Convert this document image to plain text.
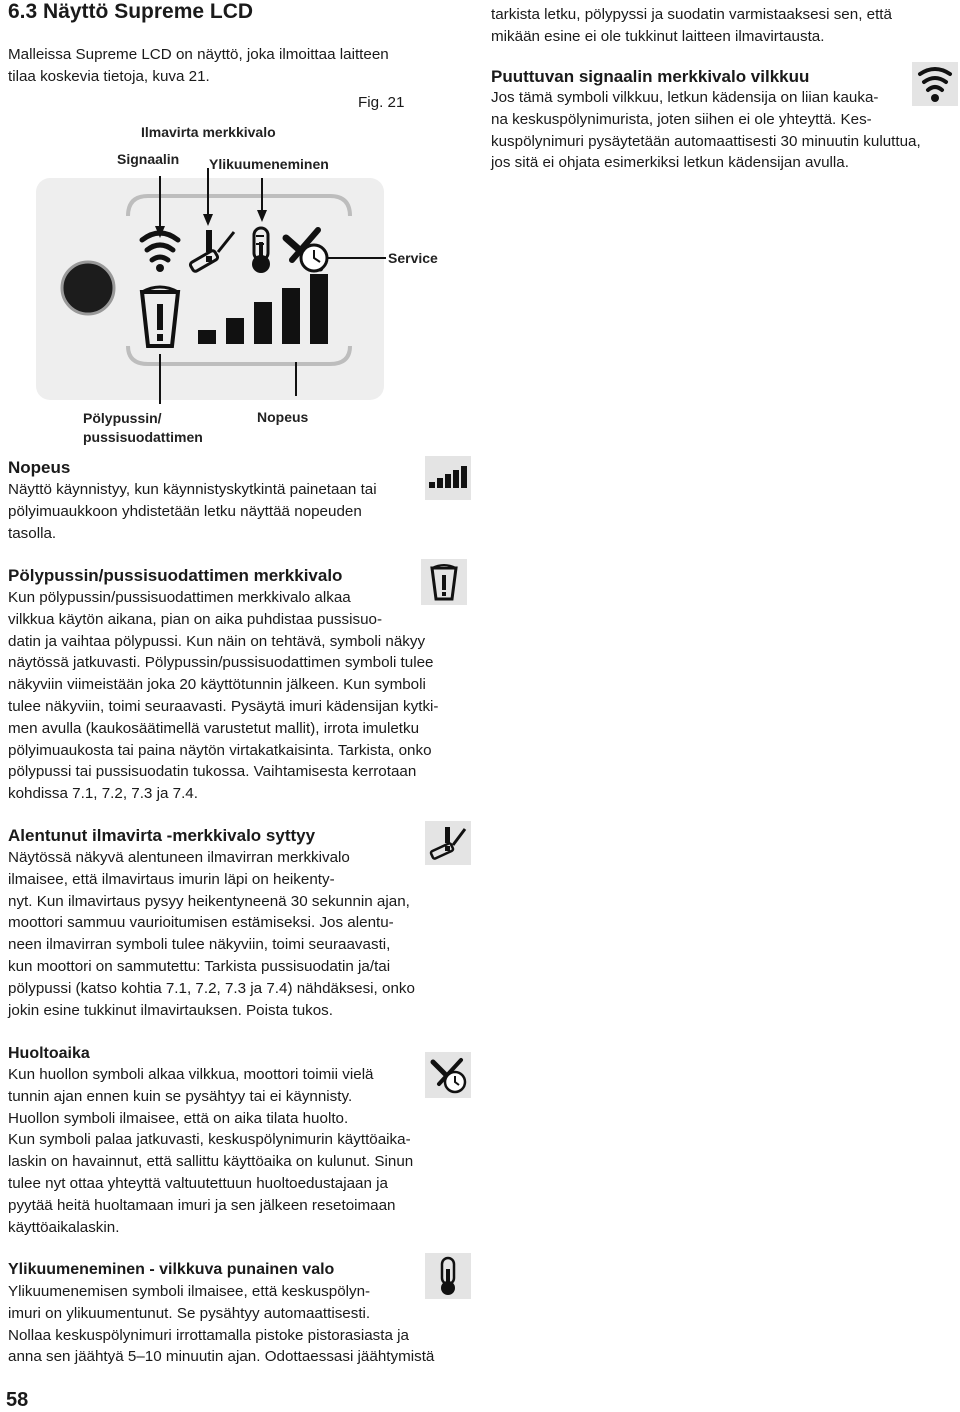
6.3 Näyttö Supreme LCD
Malleissa Supreme LCD on näyttö, joka ilmoittaa laitteen
tilaa koskevia tietoja, kuva 21.
Fig. 21
Ilmavirta merkkivalo
Signaalin Ylikuumeneminen
Service
Pölypussin/
pussisuodattimen
Nopeus
tarkista letku, pölypyssi ja suodatin varmistaaksesi sen, että
mikään esine ei ole tukkinut laitteen ilmavirtausta.
Puuttuvan signaalin merkkivalo vilkkuu
Jos tämä symboli vilkkuu, letkun kädensija on liian kauka-
na keskuspölynimurista, joten siihen ei ole yhteyttä. Kes-
kuspölynimuri pysäytetään automaattisesti 30 minuutin kuluttua,
jos sitä ei ohjata esimerkiksi letkun kädensijan avulla.
Nopeus
Näyttö käynnistyy, kun käynnistyskytkintä painetaan tai
pölyimuaukkoon yhdistetään letku näyttää nopeuden
tasolla.
Pölypussin/pussisuodattimen merkkivalo
Kun pölypussin/pussisuodattimen merkkivalo alkaa
vilkkua käytön aikana, pian on aika puhdistaa pussisuo-
datin ja vaihtaa pölypussi. Kun näin on tehtävä, symboli näkyy
näytössä jatkuvasti. Pölypussin/pussisuodattimen symboli tulee
näkyviin viimeistään joka 20 käyttötunnin jälkeen. Kun symboli
tulee näkyviin, toimi seuraavasti. Pysäytä imuri kädensijan kytki-
men avulla (kaukosäätimellä varustetut mallit), irrota imuletku
pölyimuaukosta tai paina näytön virtakatkaisinta. Tarkista, onko
pölypussi tai pussisuodatin tukossa. Vaihtamisesta kerrotaan
kohdissa 7.1, 7.2, 7.3 ja 7.4.
Alentunut ilmavirta -merkkivalo syttyy
Näytössä näkyvä alentuneen ilmavirran merkkivalo
ilmaisee, että ilmavirtaus imurin läpi on heikenty-
nyt. Kun ilmavirtaus pysyy heikentyneenä 30 sekunnin ajan,
moottori sammuu vaurioitumisen estämiseksi. Jos alentu-
neen ilmavirran symboli tulee näkyviin, toimi seuraavasti,
kun moottori on sammutettu: Tarkista pussisuodatin ja/tai
pölypussi (katso kohtia 7.1, 7.2, 7.3 ja 7.4) nähdäksesi, onko
jokin esine tukkinut ilmavirtauksen. Poista tukos.
Huoltoaika
Kun huollon symboli alkaa vilkkua, moottori toimii vielä
tunnin ajan ennen kuin se pysähtyy tai ei käynnisty.
Huollon symboli ilmaisee, että on aika tilata huolto.
Kun symboli palaa jatkuvasti, keskuspölynimurin käyttöaika-
laskin on havainnut, että sallittu käyttöaika on kulunut. Sinun
tulee nyt ottaa yhteyttä valtuutettuun huoltoedustajaan ja
pyytää heitä huoltamaan imuri ja sen jälkeen resetoimaan
käyttöaikalaskin.
Ylikuumeneminen - vilkkuva punainen valo
Ylikuumenemisen symboli ilmaisee, että keskuspölyn-
imuri on ylikuumentunut. Se pysähtyy automaattisesti.
Nollaa keskuspölynimuri irrottamalla pistoke pistorasiasta ja
anna sen jäähtyä 5–10 minuutin ajan. Odottaessasi jäähtymistä
58
